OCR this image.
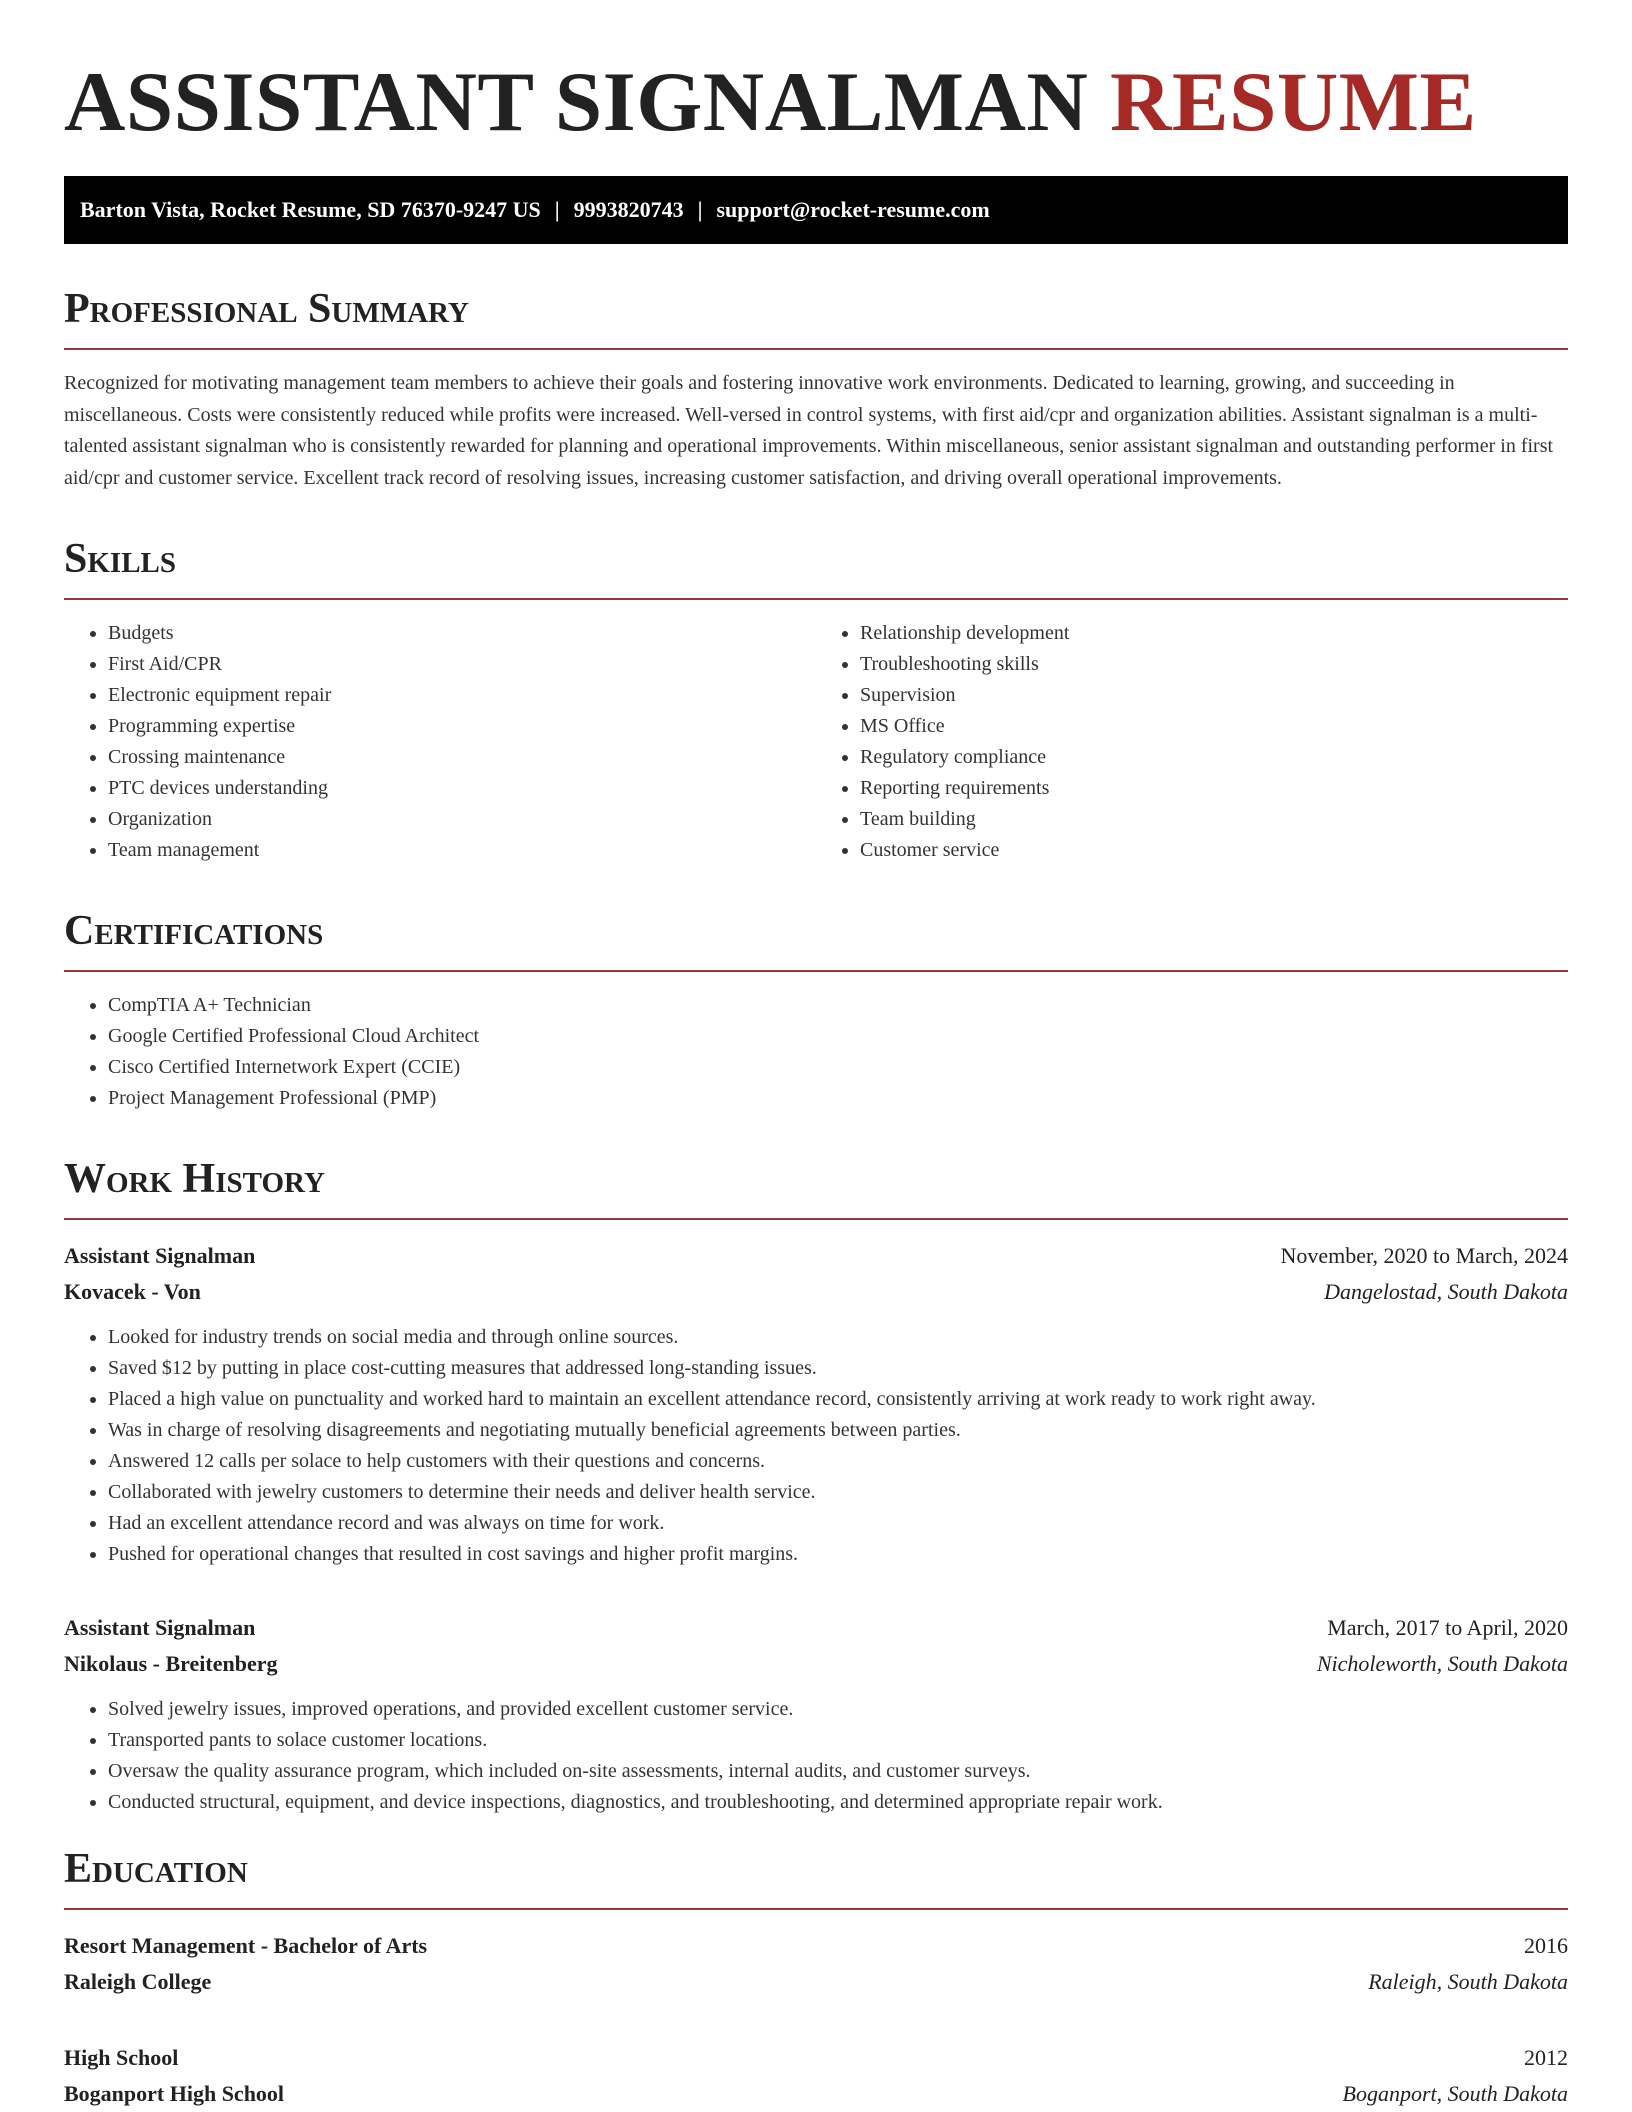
ASSISTANT SIGNALMAN RESUME
Barton Vista, Rocket Resume, SD 76370-9247 US | 9993820743 | support@rocket-resume.com
Professional Summary

Recognized for motivating management team members to achieve their goals and fostering innovative work environments. Dedicated to learning, growing, and succeeding in miscellaneous. Costs were consistently reduced while profits were increased. Well-versed in control systems, with first aid/cpr and organization abilities. Assistant signalman is a multi-talented assistant signalman who is consistently rewarded for planning and operational improvements. Within miscellaneous, senior assistant signalman and outstanding performer in first aid/cpr and customer service. Excellent track record of resolving issues, increasing customer satisfaction, and driving overall operational improvements.

Skills
• Budgets
• First Aid/CPR
• Electronic equipment repair
• Programming expertise
• Crossing maintenance
• PTC devices understanding
• Organization
• Team management
• Relationship development
• Troubleshooting skills
• Supervision
• MS Office
• Regulatory compliance
• Reporting requirements
• Team building
• Customer service
Certifications
• CompTIA A+ Technician
• Google Certified Professional Cloud Architect
• Cisco Certified Internetwork Expert (CCIE)
• Project Management Professional (PMP)
Work History
Assistant Signalman	November, 2020 to March, 2024
Kovacek - Von	Dangelostad, South Dakota
• Looked for industry trends on social media and through online sources.
• Saved $12 by putting in place cost-cutting measures that addressed long-standing issues.
• Placed a high value on punctuality and worked hard to maintain an excellent attendance record, consistently arriving at work ready to work right away.
• Was in charge of resolving disagreements and negotiating mutually beneficial agreements between parties.
• Answered 12 calls per solace to help customers with their questions and concerns.
• Collaborated with jewelry customers to determine their needs and deliver health service.
• Had an excellent attendance record and was always on time for work.
• Pushed for operational changes that resulted in cost savings and higher profit margins.
Assistant Signalman	March, 2017 to April, 2020
Nikolaus - Breitenberg	Nicholeworth, South Dakota
• Solved jewelry issues, improved operations, and provided excellent customer service.
• Transported pants to solace customer locations.
• Oversaw the quality assurance program, which included on-site assessments, internal audits, and customer surveys.
• Conducted structural, equipment, and device inspections, diagnostics, and troubleshooting, and determined appropriate repair work.
Education
Resort Management - Bachelor of Arts	2016
Raleigh College	Raleigh, South Dakota
High School	2012
Boganport High School	Boganport, South Dakota
